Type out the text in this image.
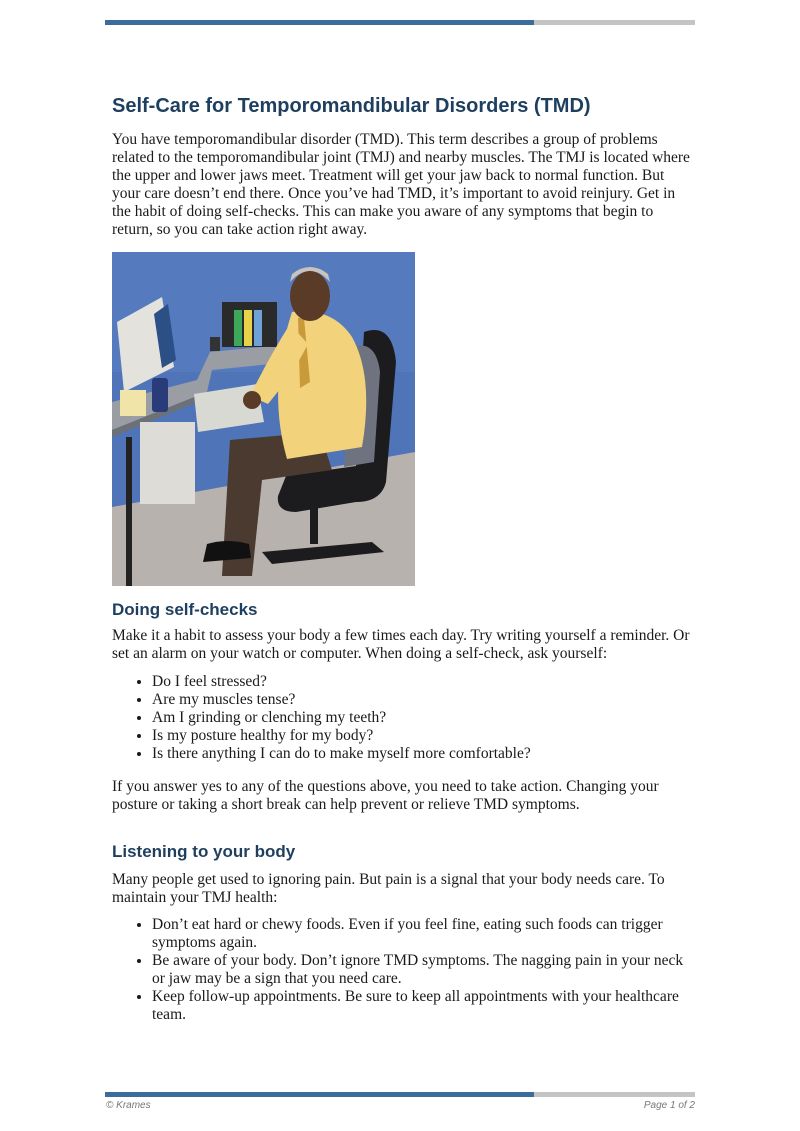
Self-Care for Temporomandibular Disorders (TMD)

You have temporomandibular disorder (TMD). This term describes a group of problems related to the temporomandibular joint (TMJ) and nearby muscles. The TMJ is located where the upper and lower jaws meet. Treatment will get your jaw back to normal function. But your care doesn’t end there. Once you’ve had TMD, it’s important to avoid reinjury. Get in the habit of doing self-checks. This can make you aware of any symptoms that begin to return, so you can take action right away.

Doing self-checks

Make it a habit to assess your body a few times each day. Try writing yourself a reminder. Or set an alarm on your watch or computer. When doing a self-check, ask yourself:

• Do I feel stressed?
• Are my muscles tense?
• Am I grinding or clenching my teeth?
• Is my posture healthy for my body?
• Is there anything I can do to make myself more comfortable?

If you answer yes to any of the questions above, you need to take action. Changing your posture or taking a short break can help prevent or relieve TMD symptoms.

Listening to your body

Many people get used to ignoring pain. But pain is a signal that your body needs care. To maintain your TMJ health:

• Don’t eat hard or chewy foods. Even if you feel fine, eating such foods can trigger symptoms again.
• Be aware of your body. Don’t ignore TMD symptoms. The nagging pain in your neck or jaw may be a sign that you need care.
• Keep follow-up appointments. Be sure to keep all appointments with your healthcare
team.
© Krames	Page 1 of 2
